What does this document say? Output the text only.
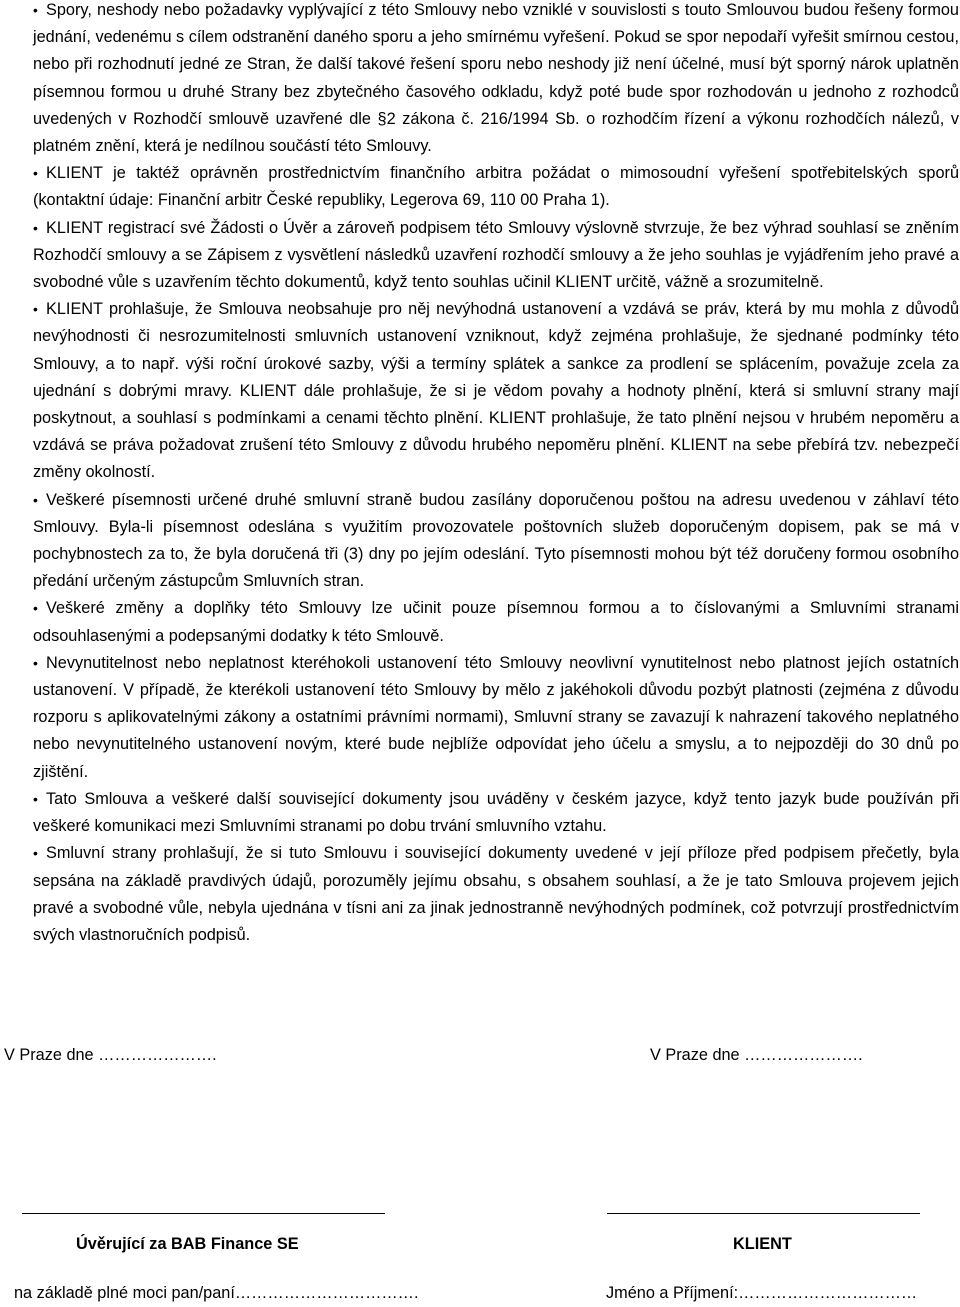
• Spory, neshody nebo požadavky vyplývající z této Smlouvy nebo vzniklé v souvislosti s touto Smlouvou budou řešeny formou jednání, vedenému s cílem odstranění daného sporu a jeho smírnému vyřešení. Pokud se spor nepodaří vyřešit smírnou cestou, nebo při rozhodnutí jedné ze Stran, že další takové řešení sporu nebo neshody již není účelné, musí být sporný nárok uplatněn písemnou formou u druhé Strany bez zbytečného časového odkladu, když poté bude spor rozhodován u jednoho z rozhodců uvedených v Rozhodčí smlouvě uzavřené dle §2 zákona č. 216/1994 Sb. o rozhodčím řízení a výkonu rozhodčích nálezů, v platném znění, která je nedílnou součástí této Smlouvy.

• KLIENT je taktéž oprávněn prostřednictvím finančního arbitra požádat o mimosoudní vyřešení spotřebitelských sporů (kontaktní údaje: Finanční arbitr České republiky, Legerova 69, 110 00 Praha 1).

• KLIENT registrací své Žádosti o Úvěr a zároveň podpisem této Smlouvy výslovně stvrzuje, že bez výhrad souhlasí se zněním Rozhodčí smlouvy a se Zápisem z vysvětlení následků uzavření rozhodčí smlouvy a že jeho souhlas je vyjádřením jeho pravé a svobodné vůle s uzavřením těchto dokumentů, když tento souhlas učinil KLIENT určitě, vážně a srozumitelně.

• KLIENT prohlašuje, že Smlouva neobsahuje pro něj nevýhodná ustanovení a vzdává se práv, která by mu mohla z důvodů nevýhodnosti či nesrozumitelnosti smluvních ustanovení vzniknout, když zejména prohlašuje, že sjednané podmínky této Smlouvy, a to např. výši roční úrokové sazby, výši a termíny splátek a sankce za prodlení se splácením, považuje zcela za ujednání s dobrými mravy. KLIENT dále prohlašuje, že si je vědom povahy a hodnoty plnění, která si smluvní strany mají poskytnout, a souhlasí s podmínkami a cenami těchto plnění. KLIENT prohlašuje, že tato plnění nejsou v hrubém nepoměru a vzdává se práva požadovat zrušení této Smlouvy z důvodu hrubého nepoměru plnění. KLIENT na sebe přebírá tzv. nebezpečí změny okolností.

• Veškeré písemnosti určené druhé smluvní straně budou zasílány doporučenou poštou na adresu uvedenou v záhlaví této Smlouvy. Byla-li písemnost odeslána s využitím provozovatele poštovních služeb doporučeným dopisem, pak se má v pochybnostech za to, že byla doručená tři (3) dny po jejím odeslání. Tyto písemnosti mohou být též doručeny formou osobního předání určeným zástupcům Smluvních stran.

• Veškeré změny a doplňky této Smlouvy lze učinit pouze písemnou formou a to číslovanými a Smluvními stranami odsouhlasenými a podepsanými dodatky k této Smlouvě.

• Nevynutitelnost nebo neplatnost kteréhokoli ustanovení této Smlouvy neovlivní vynutitelnost nebo platnost jejích ostatních ustanovení. V případě, že kterékoli ustanovení této Smlouvy by mělo z jakéhokoli důvodu pozbýt platnosti (zejména z důvodu rozporu s aplikovatelnými zákony a ostatními právními normami), Smluvní strany se zavazují k nahrazení takového neplatného nebo nevynutitelného ustanovení novým, které bude nejblíže odpovídat jeho účelu a smyslu, a to nejpozději do 30 dnů po zjištění.

• Tato Smlouva a veškeré další související dokumenty jsou uváděny v českém jazyce, když tento jazyk bude používán při veškeré komunikaci mezi Smluvními stranami po dobu trvání smluvního vztahu.

• Smluvní strany prohlašují, že si tuto Smlouvu i související dokumenty uvedené v její příloze před podpisem přečetly, byla sepsána na základě pravdivých údajů, porozuměly jejímu obsahu, s obsahem souhlasí, a že je tato Smlouva projevem jejich pravé a svobodné vůle, nebyla ujednána v tísni ani za jinak jednostranně nevýhodných podmínek, což potvrzují prostřednictvím svých vlastnoručních podpisů.

V Praze dne ………………….	V Praze dne ………………….
Úvěrující za BAB Finance SE	KLIENT
na základě plné moci pan/paní…………………………….	Jméno a Příjmení:……………………………
